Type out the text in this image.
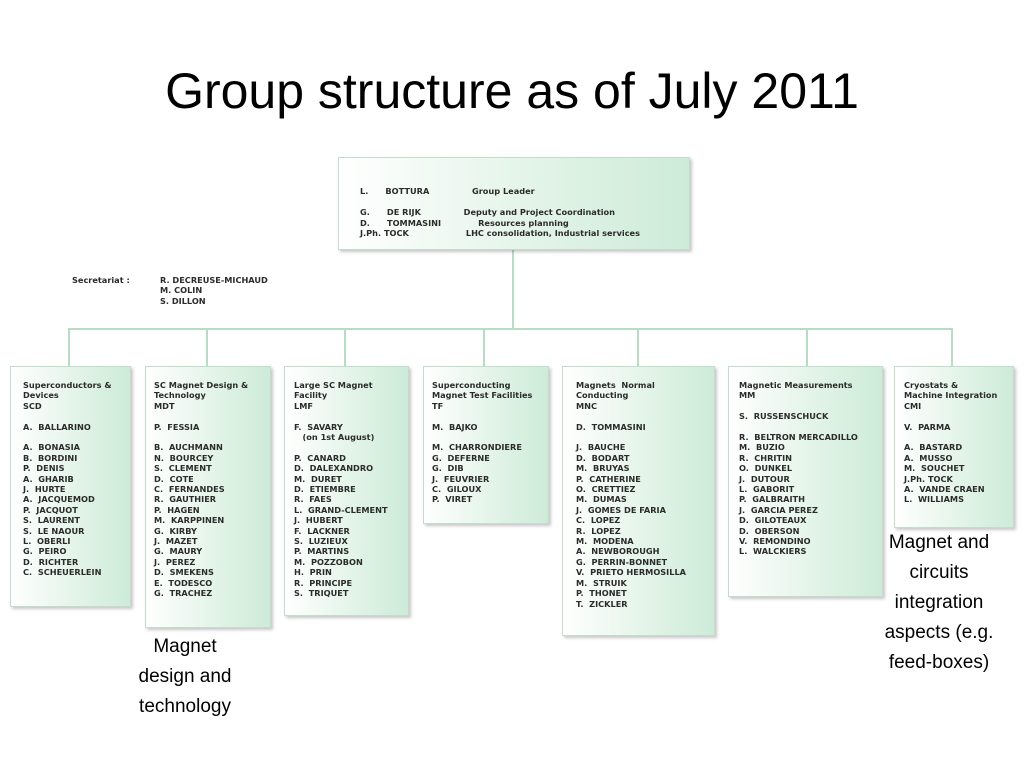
Group structure as of July 2011

L.      BOTTURA               Group Leader

G.      DE RIJK               Deputy and Project Coordination
D.      TOMMASINI             Resources planning
J.Ph. TOCK                    LHC consolidation, Industrial services
Secretariat :	R. DECREUSE-MICHAUD
M. COLIN
S. DILLON
Superconductors &
Devices
SCD
A.  BALLARINO
A.  BONASIA
B.  BORDINI
P.  DENIS
A.  GHARIB
J.  HURTE
A.  JACQUEMOD
P.  JACQUOT
S.  LAURENT
S.  LE NAOUR
L.  OBERLI
G.  PEIRO
D.  RICHTER
C.  SCHEUERLEIN
SC Magnet Design &
Technology
MDT
P.  FESSIA
B.  AUCHMANN
N.  BOURCEY
S.  CLEMENT
D.  COTE
C.  FERNANDES
R.  GAUTHIER
P.  HAGEN
M.  KARPPINEN
G.  KIRBY
J.  MAZET
G.  MAURY
J.  PEREZ
D.  SMEKENS
E.  TODESCO
G.  TRACHEZ
Large SC Magnet
Facility
LMF
F.  SAVARY
(on 1st August)
P.  CANARD
D.  DALEXANDRO
M.  DURET
D.  ETIEMBRE
R.  FAES
L.  GRAND-CLEMENT
J.  HUBERT
F.  LACKNER
S.  LUZIEUX
P.  MARTINS
M.  POZZOBON
H.  PRIN
R.  PRINCIPE
S.  TRIQUET
Superconducting
Magnet Test Facilities
TF
M.  BAJKO
M.  CHARRONDIERE
G.  DEFERNE
G.  DIB
J.  FEUVRIER
C.  GILOUX
P.  VIRET
Magnets  Normal
Conducting
MNC
D.  TOMMASINI
J.  BAUCHE
D.  BODART
M.  BRUYAS
P.  CATHERINE
O.  CRETTIEZ
M.  DUMAS
J.  GOMES DE FARIA
C.  LOPEZ
R.  LOPEZ
M.  MODENA
A.  NEWBOROUGH
G.  PERRIN-BONNET
V.  PRIETO HERMOSILLA
M.  STRUIK
P.  THONET
T.  ZICKLER
Magnetic Measurements
MM
S.  RUSSENSCHUCK
R.  BELTRON MERCADILLO
M.  BUZIO
R.  CHRITIN
O.  DUNKEL
J.  DUTOUR
L.  GABORIT
P.  GALBRAITH
J.  GARCIA PEREZ
D.  GILOTEAUX
D.  OBERSON
V.  REMONDINO
L.  WALCKIERS
Cryostats &
Machine Integration
CMI
V.  PARMA
A.  BASTARD
A.  MUSSO
M.  SOUCHET
J.Ph. TOCK
A.  VANDE CRAEN
L.  WILLIAMS
Magnet
design and
technology
Magnet and
circuits
integration
aspects (e.g.
feed-boxes)
